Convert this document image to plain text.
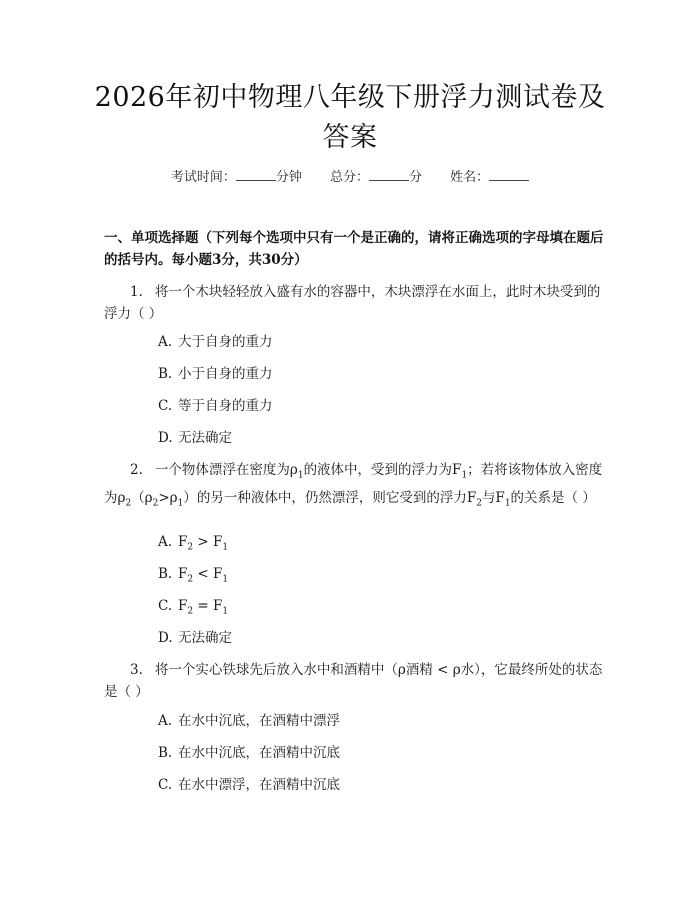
2026年初中物理八年级下册浮力测试卷及答案
考试时间：	分钟 总分：	分 姓名：
一、单项选择题（下列每个选项中只有一个是正确的，请将正确选项的字母填在题后的括号内。每小题3分，共30分）
1. 将一个木块轻轻放入盛有水的容器中，木块漂浮在水面上，此时木块受到的浮力（ ）
A. 大于自身的重力
B. 小于自身的重力
C. 等于自身的重力
D. 无法确定
2. 一个物体漂浮在密度为$\rho_1$的液体中，受到的浮力为$F_1$；若将该物体放入密度为$\rho_2(\rho_2>\rho_1)$的另一种液体中，仍然漂浮，则它受到的浮力$F_2$与$F_1$的关系是（ ）
A. $F_2 > F_1$
B. $F_2 < F_1$
C. $F_2 = F_1$
D. 无法确定
3. 将一个实心铁球先后放入水中和酒精中（ρ酒精 < ρ水），它最终所处的状态是（ ）
A. 在水中沉底，在酒精中漂浮
B. 在水中沉底，在酒精中沉底
C. 在水中漂浮，在酒精中沉底
